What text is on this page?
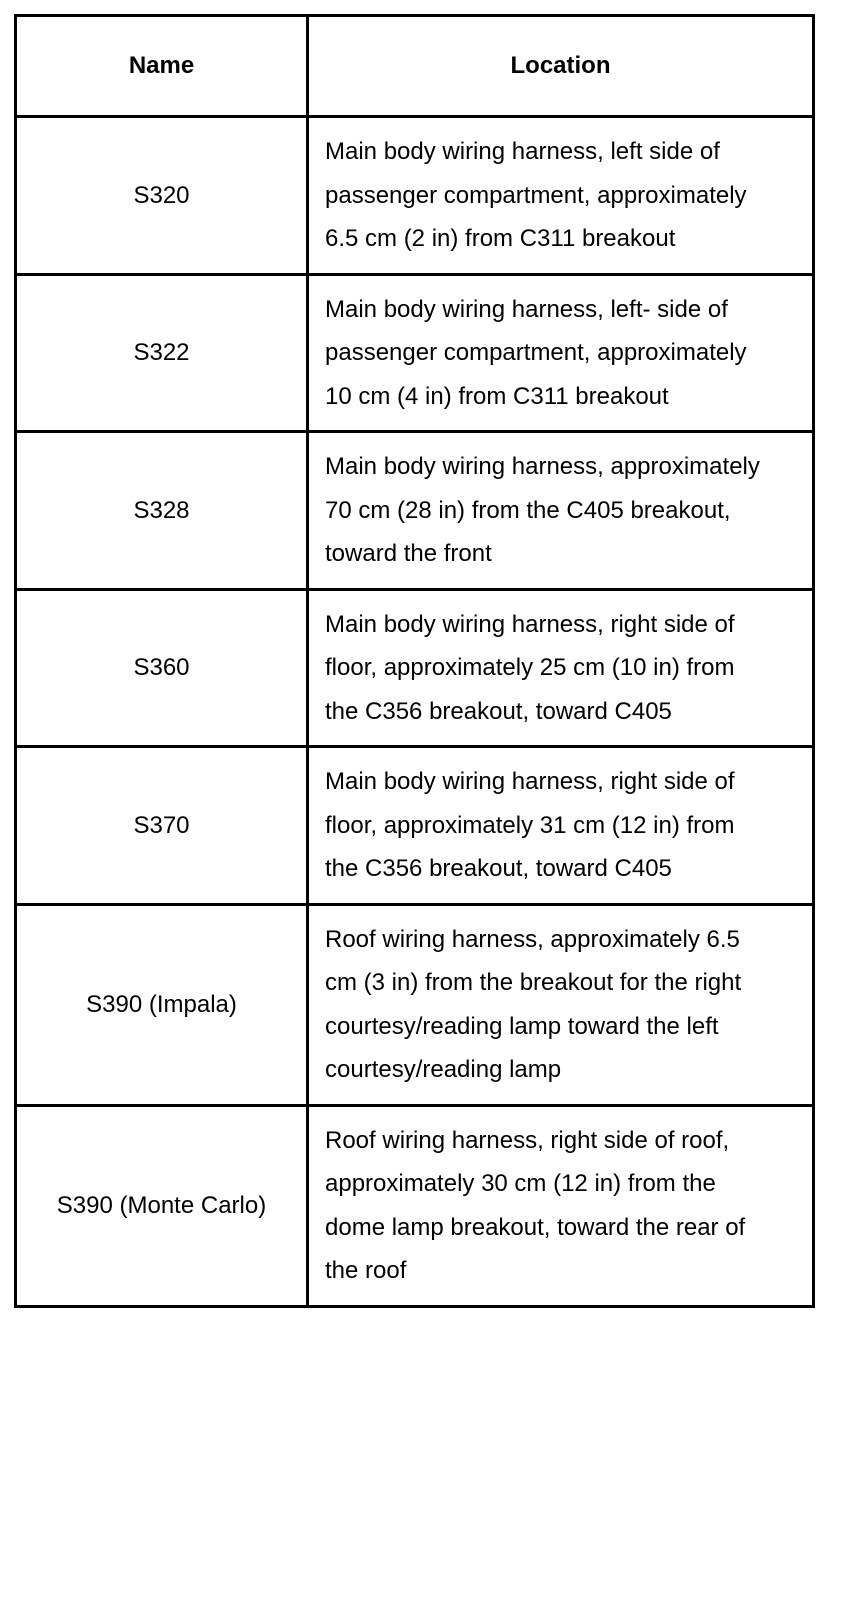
Name	Location
S320	Main body wiring harness, left side of passenger compartment, approximately 6.5 cm (2 in) from C311 breakout
S322	Main body wiring harness, left- side of passenger compartment, approximately 10 cm (4 in) from C311 breakout
S328	Main body wiring harness, approximately 70 cm (28 in) from the C405 breakout, toward the front
S360	Main body wiring harness, right side of floor, approximately 25 cm (10 in) from the C356 breakout, toward C405
S370	Main body wiring harness, right side of floor, approximately 31 cm (12 in) from the C356 breakout, toward C405
S390 (Impala)	Roof wiring harness, approximately 6.5 cm (3 in) from the breakout for the right courtesy/reading lamp toward the left courtesy/reading lamp
S390 (Monte Carlo)	Roof wiring harness, right side of roof, approximately 30 cm (12 in) from the dome lamp breakout, toward the rear of the roof
